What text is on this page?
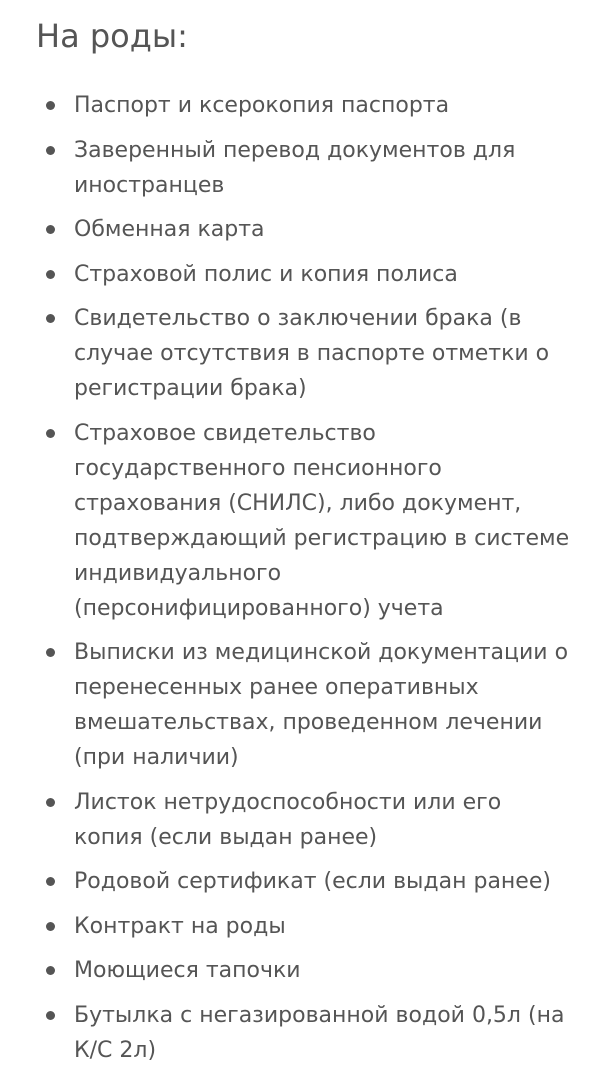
На роды:
Паспорт и ксерокопия паспорта
Заверенный перевод документов для иностранцев
Обменная карта
Страховой полис и копия полиса
Свидетельство о заключении брака (в случае отсутствия в паспорте отметки о регистрации брака)
Страховое свидетельство государственного пенсионного страхования (СНИЛС), либо документ, подтверждающий регистрацию в системе индивидуального (персонифицированного) учета
Выписки из медицинской документации о перенесенных ранее оперативных вмешательствах, проведенном лечении (при наличии)
Листок нетрудоспособности или его копия (если выдан ранее)
Родовой сертификат (если выдан ранее)
Контракт на роды
Моющиеся тапочки
Бутылка с негазированной водой 0,5л (на К/С 2л)
